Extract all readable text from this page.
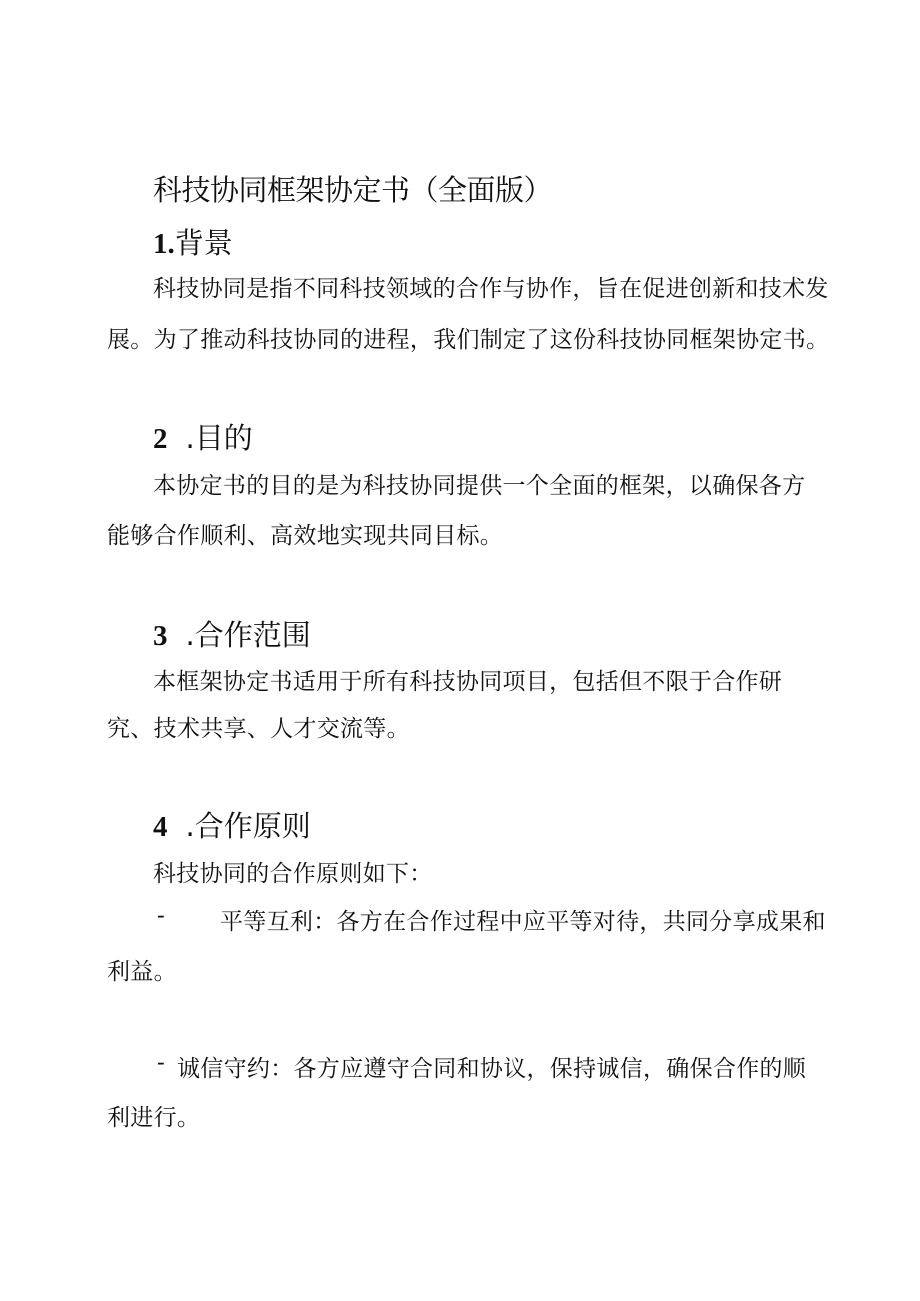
科技协同框架协定书（全面版）
1.背景
科技协同是指不同科技领域的合作与协作，旨在促进创新和技术发
展。为了推动科技协同的进程，我们制定了这份科技协同框架协定书。
2 .目的
本协定书的目的是为科技协同提供一个全面的框架，以确保各方
能够合作顺利、高效地实现共同目标。
3 .合作范围
本框架协定书适用于所有科技协同项目，包括但不限于合作研
究、技术共享、人才交流等。
4 .合作原则
科技协同的合作原则如下：
- 平等互利：各方在合作过程中应平等对待，共同分享成果和
利益。
- 诚信守约：各方应遵守合同和协议，保持诚信，确保合作的顺
利进行。
